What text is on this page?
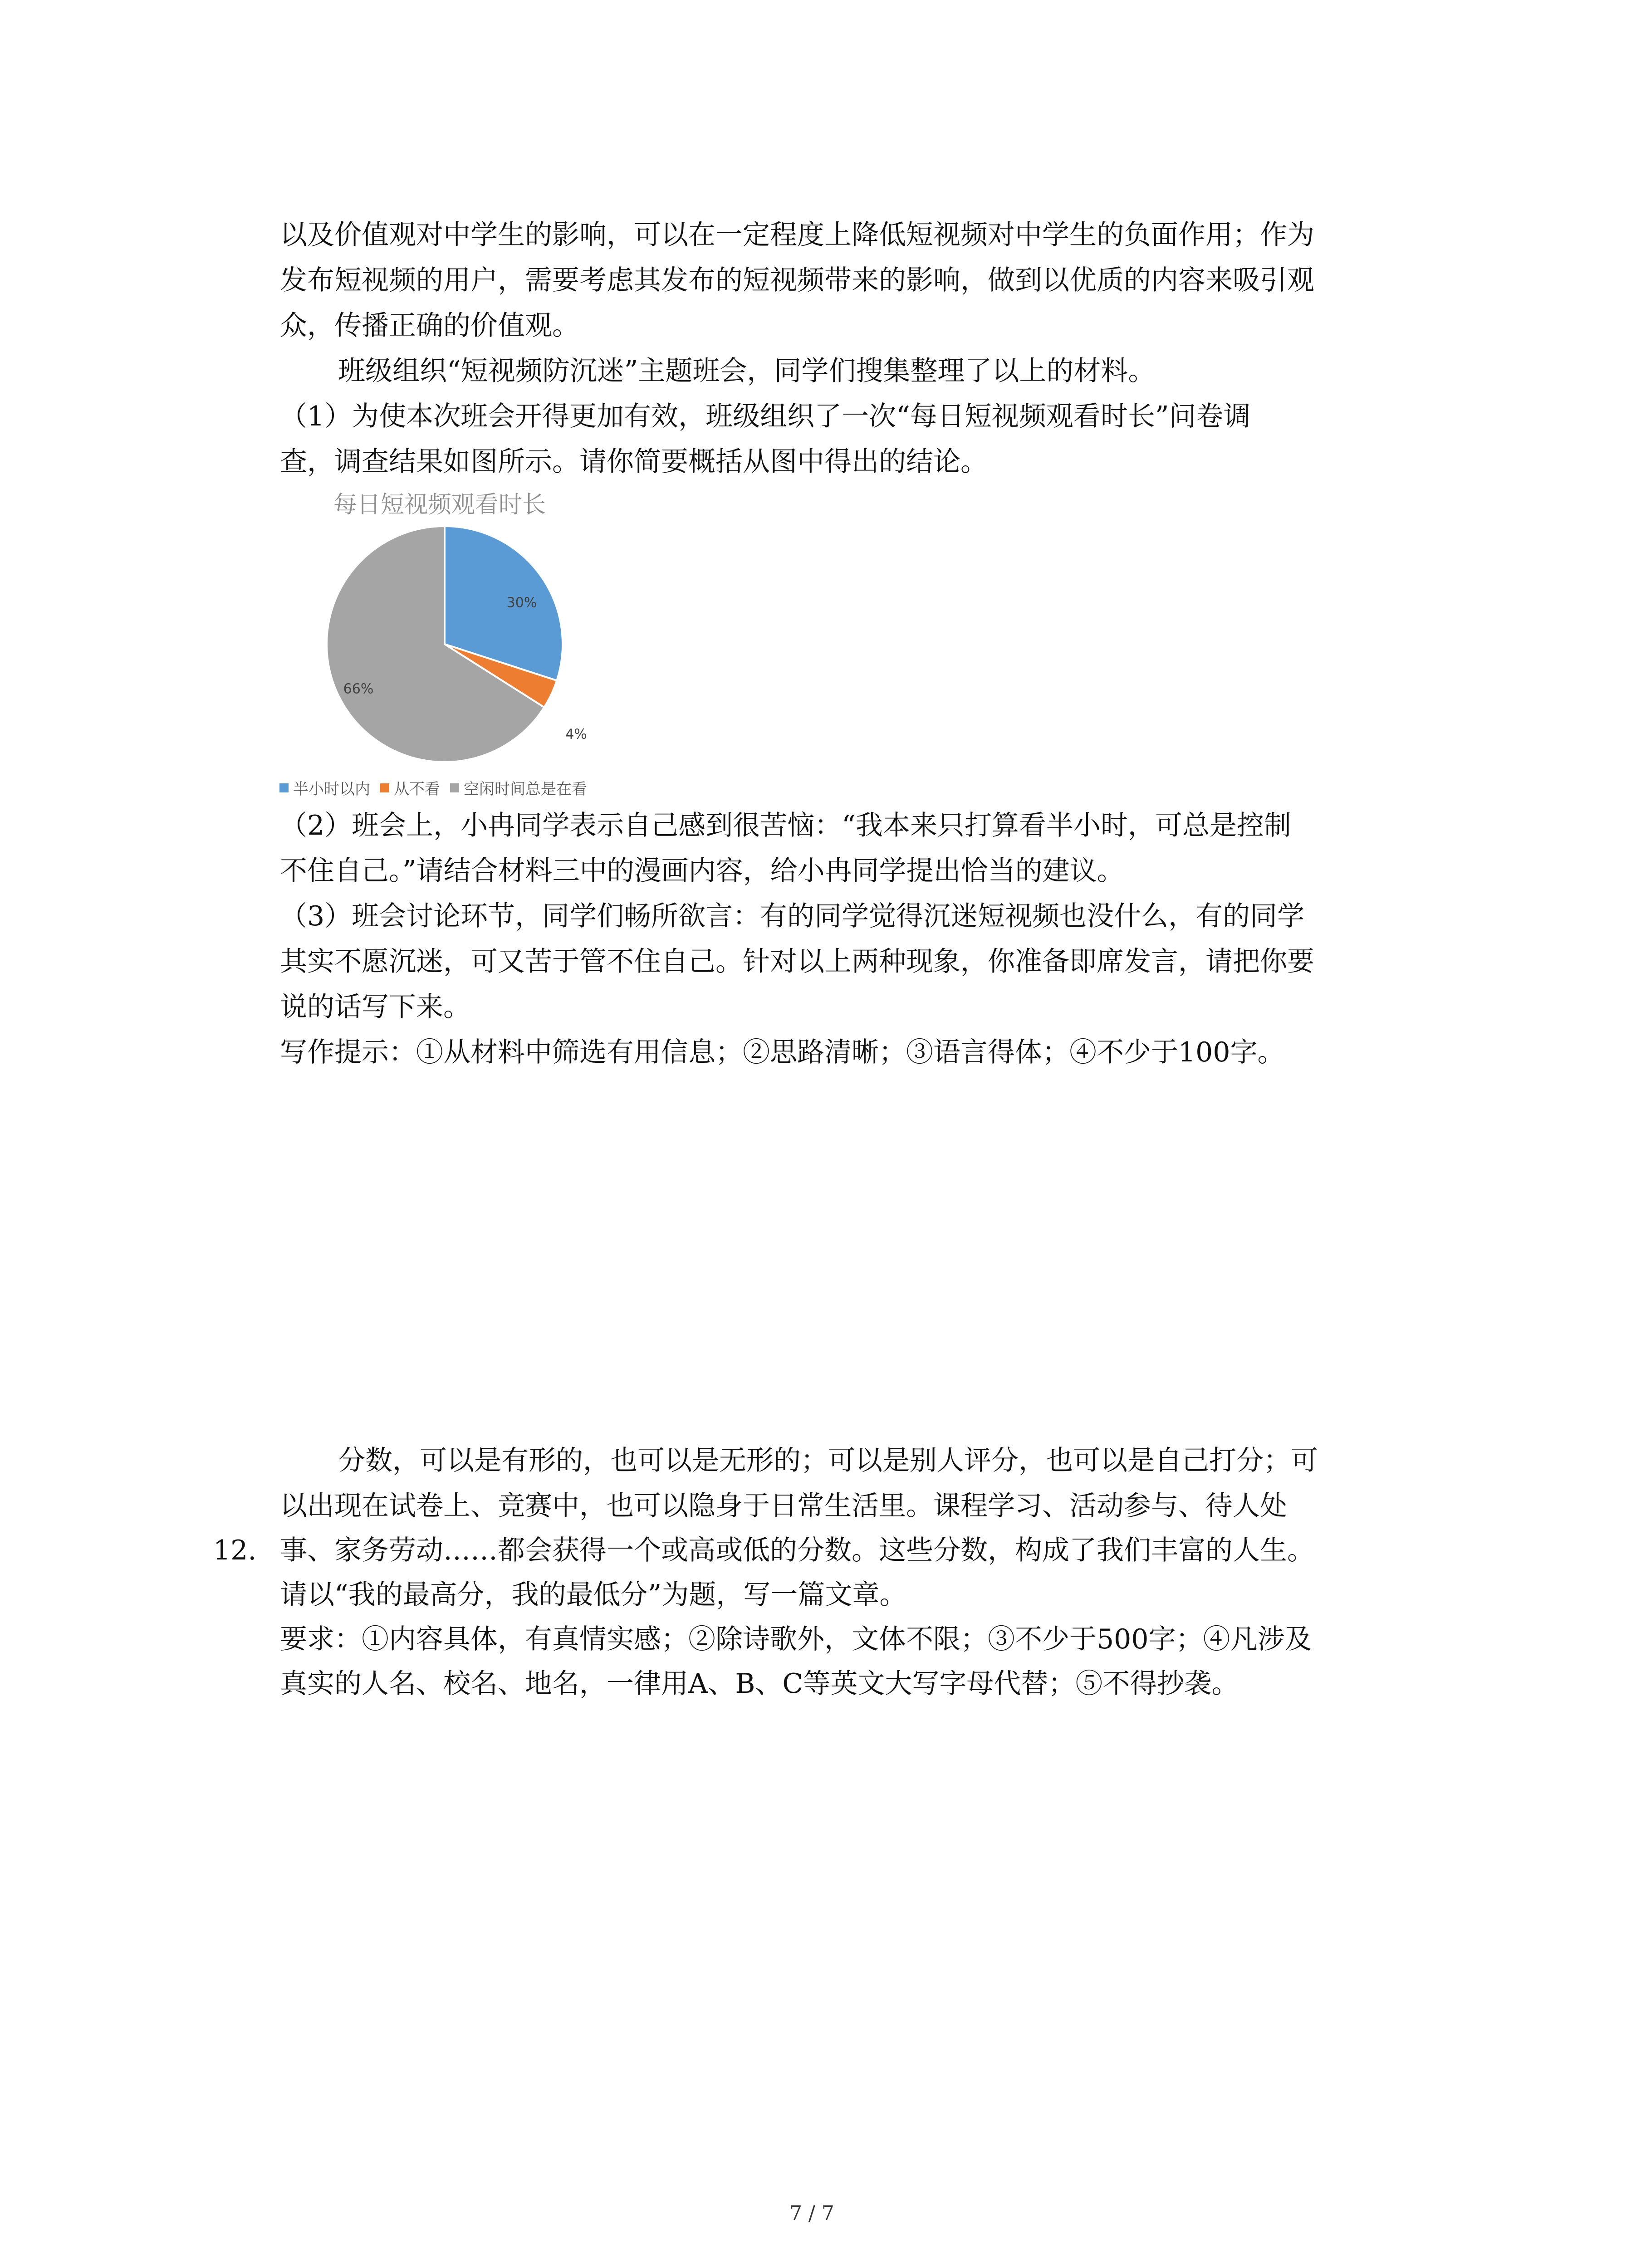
以及价值观对中学生的影响，可以在一定程度上降低短视频对中学生的负面作用；作为
发布短视频的用户，需要考虑其发布的短视频带来的影响，做到以优质的内容来吸引观
众，传播正确的价值观。
班级组织“短视频防沉迷”主题班会，同学们搜集整理了以上的材料。
（1）为使本次班会开得更加有效，班级组织了一次“每日短视频观看时长”问卷调
查，调查结果如图所示。请你简要概括从图中得出的结论。
每日短视频观看时长
30%
4%
66%
半小时以内 从不看 空闲时间总是在看
（2）班会上，小冉同学表示自己感到很苦恼：“我本来只打算看半小时，可总是控制
不住自己。”请结合材料三中的漫画内容，给小冉同学提出恰当的建议。
（3）班会讨论环节，同学们畅所欲言：有的同学觉得沉迷短视频也没什么，有的同学
其实不愿沉迷，可又苦于管不住自己。针对以上两种现象，你准备即席发言，请把你要
说的话写下来。
写作提示：①从材料中筛选有用信息；②思路清晰；③语言得体；④不少于100字。
分数，可以是有形的，也可以是无形的；可以是别人评分，也可以是自己打分；可
以出现在试卷上、竞赛中，也可以隐身于日常生活里。课程学习、活动参与、待人处
12. 事、家务劳动……都会获得一个或高或低的分数。这些分数，构成了我们丰富的人生。
请以“我的最高分，我的最低分”为题，写一篇文章。
要求：①内容具体，有真情实感；②除诗歌外，文体不限；③不少于500字；④凡涉及
真实的人名、校名、地名，一律用A、B、C等英文大写字母代替；⑤不得抄袭。
7 / 7
